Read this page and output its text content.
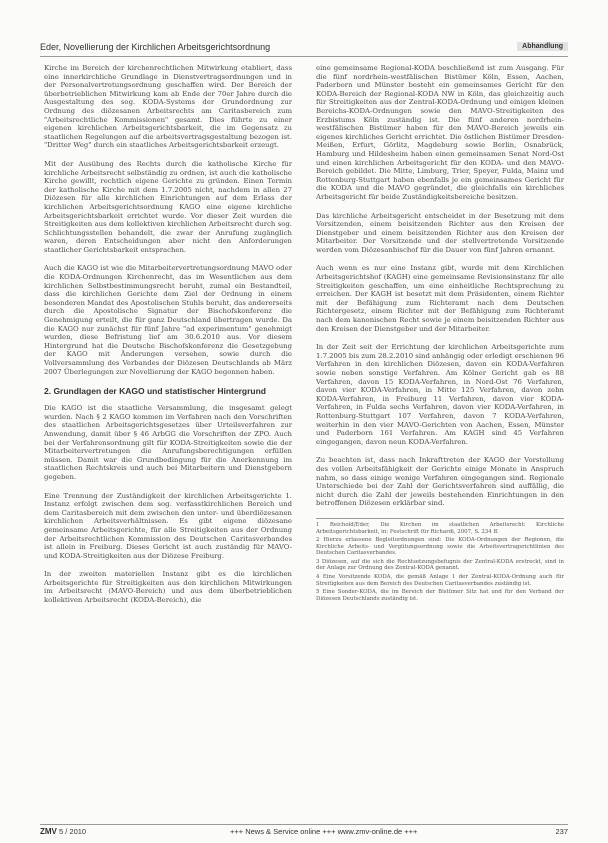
Eder, Novellierung der Kirchlichen Arbeitsgerichtsordnung	Abhandlung

Kirche im Bereich der kirchenrechtlichen Mitwirkung etabliert, dass eine innerkirchliche Grundlage in Dienstvertragsordnungen und in der Personalvertretungsordnung geschaffen wird. Der Bereich der überbetrieblichen Mitwirkung kam ab Ende der 70er Jahre durch die Ausgestaltung des sog. KODA-Systems der Grundordnung zur Ordnung des diözesanen Arbeitsrechts am Caritasbereich zum "Arbeitsrechtliche Kommissionen" gesamt. Dies führte zu einer eigenen kirchlichen Arbeitsgerichtsbarkeit, die im Gegensatz zu staatlichen Regelungen auf die arbeitsvertragsgestaltung bezogen ist. "Dritter Weg" durch ein staatliches Arbeitsgerichtsbarkeit erzeugt.

Mit der Ausübung des Rechts durch die katholische Kirche für kirchliche Arbeitsrecht selbständig zu ordnen, ist auch die katholische Kirche gewillt, rechtlich eigene Gerichte zu gründen. Einen Termin der katholische Kirche mit dem 1.7.2005 nicht, nachdem in allen 27 Diözesen für alle kirchlichen Einrichtungen auf dem Erlass der kirchlichen Arbeitsgerichtsordnung KAGO eine eigene kirchliche Arbeitsgerichtsbarkeit errichtet wurde. Vor dieser Zeit wurden die Streitigkeiten aus dem kollektiven kirchlichen Arbeitsrecht durch sog. Schlichtungsstellen behandelt, die zwar der Anrufung zugänglich waren, deren Entscheidungen aber nicht den Anforderungen staatlicher Gerichtsbarkeit entsprachen.

Auch die KAGO ist wie die Mitarbeitervertretungsordnung MAVO oder die KODA-Ordnungen Kirchenrecht, das im Wesentlichen aus dem kirchlichen Selbstbestimmungsrecht beruht, zumal ein Bestandteil, dass die kirchlichen Gerichte dem Ziel der Ordnung in einem besonderen Mandat des Apostolischen Stuhls beruht, das andererseits durch die Apostolische Signatur der Bischofskonferenz die Genehmigung erteilt, die für ganz Deutschland übertragen wurde. Da die KAGO nur zunächst für fünf Jahre "ad experimentum" genehmigt wurden, diese Befristung lief am 30.6.2010 aus. Vor diesem Hintergrund hat die Deutsche Bischofskonferenz die Gesetzgebung der KAGO mit Änderungen versehen, sowie durch die Vollversammlung des Verbandes der Diözesen Deutschlands ab März 2007 Überlegungen zur Novellierung der KAGO begonnen haben.

2. Grundlagen der KAGO und statistischer Hintergrund

Die KAGO ist die staatliche Versammlung, die insgesamt gelegt wurden. Nach § 2 KAGO kommen im Verfahren nach den Vorschriften des staatlichen Arbeitsgerichtsgesetzes über Urteilsverfahren zur Anwendung, damit über § 46 ArbGG die Vorschriften der ZPO. Auch bei der Verfahrensordnung gilt für KODA-Streitigkeiten sowie die der Mitarbeitervertretungen die Anrufungsberechtigungen erfüllen müssen. Damit war die Grundbedingung für die Anerkennung im staatlichen Rechtskreis und auch bei Mitarbeitern und Dienstgebern gegeben.

Eine Trennung der Zuständigkeit der kirchlichen Arbeitsgerichte 1. Instanz erfolgt zwischen dem sog. verfasstkirchlichen Bereich und dem Caritasbereich mit dem zwischen den unter- und überdiözesanen kirchlichen Arbeitsverhältnissen. Es gibt eigene diözesane gemeinsame Arbeitsgerichte, für alle Streitigkeiten aus der Ordnung der Arbeitsrechtlichen Kommission des Deutschen Caritasverbandes ist allein in Freiburg. Dieses Gericht ist auch zuständig für MAVO- und KODA-Streitigkeiten aus der Diözese Freiburg.

In der zweiten materiellen Instanz gibt es die kirchlichen Arbeitsgerichte für Streitigkeiten aus den kirchlichen Mitwirkungen im Arbeitsrecht (MAVO-Bereich) und aus dem überbetrieblichen kollektiven Arbeitsrecht (KODA-Bereich), die

eine gemeinsame Regional-KODA beschließend ist zum Ausgang. Für die fünf nordrhein-westfälischen Bistümer Köln, Essen, Aachen, Paderborn und Münster besteht ein gemeinsames Gericht für den KODA-Bereich der Regional-KODA NW in Köln, das gleichzeitig auch für Streitigkeiten aus der Zentral-KODA-Ordnung und einigen kleinen Bereichs-KODA-Ordnungen sowie den MAVO-Streitigkeiten des Erzbistums Köln zuständig ist. Die fünf anderen nordrhein-westfälischen Bistümer haben für den MAVO-Bereich jeweils ein eigenes kirchliches Gericht errichtet. Die östlichen Bistümer Dresden-Meißen, Erfurt, Görlitz, Magdeburg sowie Berlin, Osnabrück, Hamburg und Hildesheim haben einen gemeinsamen Senat Nord-Ost und einen kirchlichen Arbeitsgericht für den KODA- und den MAVO-Bereich gebildet. Die Mitte, Limburg, Trier, Speyer, Fulda, Mainz und Rottenburg-Stuttgart haben ebenfalls je ein gemeinsames Gericht für die KODA und die MAVO gegründet, die gleichfalls ein kirchliches Arbeitsgericht für beide Zuständigkeitsbereiche besitzen.

Das kirchliche Arbeitsgericht entscheidet in der Besetzung mit dem Vorsitzenden, einem beisitzenden Richter aus den Kreisen der Dienstgeber und einem beisitzenden Richter aus den Kreisen der Mitarbeiter. Der Vorsitzende und der stellvertretende Vorsitzende werden vom Diözesanbischof für die Dauer von fünf Jahren ernannt.

Auch wenn es nur eine Instanz gibt, wurde mit dem Kirchlichen Arbeitsgerichtshof (KAGH) eine gemeinsame Revisionsinstanz für alle Streitigkeiten geschaffen, um eine einheitliche Rechtsprechung zu erreichen. Der KAGH ist besetzt mit dem Präsidenten, einem Richter mit der Befähigung zum Richteramt nach dem Deutschen Richtergesetz, einem Richter mit der Befähigung zum Richteramt nach dem kanonischen Recht sowie je einem beisitzenden Richter aus den Kreisen der Dienstgeber und der Mitarbeiter.

In der Zeit seit der Errichtung der kirchlichen Arbeitsgerichte zum 1.7.2005 bis zum 28.2.2010 sind anhängig oder erledigt erschienen 96 Verfahren in den kirchlichen Diözesen, davon ein KODA-Verfahren sowie neben sonstige Verfahren. Am Kölner Gericht gab es 88 Verfahren, davon 15 KODA-Verfahren, in Nord-Ost 76 Verfahren, davon vier KODA-Verfahren, in Mitte 125 Verfahren, davon zehn KODA-Verfahren, in Freiburg 11 Verfahren, davon vier KODA-Verfahren, in Fulda sechs Verfahren, davon vier KODA-Verfahren, in Rottenburg-Stuttgart 107 Verfahren, davon 7 KODA-Verfahren, weiterhin in den vier MAVO-Gerichten von Aachen, Essen, Münster und Paderborn 161 Verfahren. Am KAGH sind 45 Verfahren eingegangen, davon neun KODA-Verfahren.

Zu beachten ist, dass nach Inkrafttreten der KAGO der Vorstellung des vollen Arbeitsfähigkeit der Gerichte einige Monate in Anspruch nahm, so dass einige wenige Verfahren eingegangen sind. Regionale Unterschiede bei der Zahl der Gerichtsverfahren sind auffällig, die nicht durch die Zahl der jeweils bestehenden Einrichtungen in den betroffenen Diözesen erklärbar sind.

1 Reichold/Eder, Die Kirchen im staatlichen Arbeitsrecht: Kirchliche Arbeitsgerichtsbarkeit, in: Festschrift für Richardi, 2007, S. 234 ff.

2 Hierzu erlassene Begleitordnungen sind: Die KODA-Ordnungen der Regionen, die Kirchliche Arbeits- und Vergütungsordnung sowie die Arbeitsvertragsrichtlinien des Deutschen Caritasverbandes.

3 Diözesen, auf die sich die Rechtsetzungsbefugnis der Zentral-KODA erstreckt, sind in der Anlage zur Ordnung des Zentral-KODA genannt.

4 Eine Vorsitzende KODA, die gemäß Anlage 1 der Zentral-KODA-Ordnung auch für Streitigkeiten aus dem Bereich des Deutschen Caritasverbandes zuständig ist.

5 Eine Sonder-KODA, die im Bereich der Bistümer Sitz hat und für den Verband der Diözesen Deutschlands zuständig ist.

ZMV 5 / 2010	+++ News & Service online +++ www.zmv-online.de +++	237
